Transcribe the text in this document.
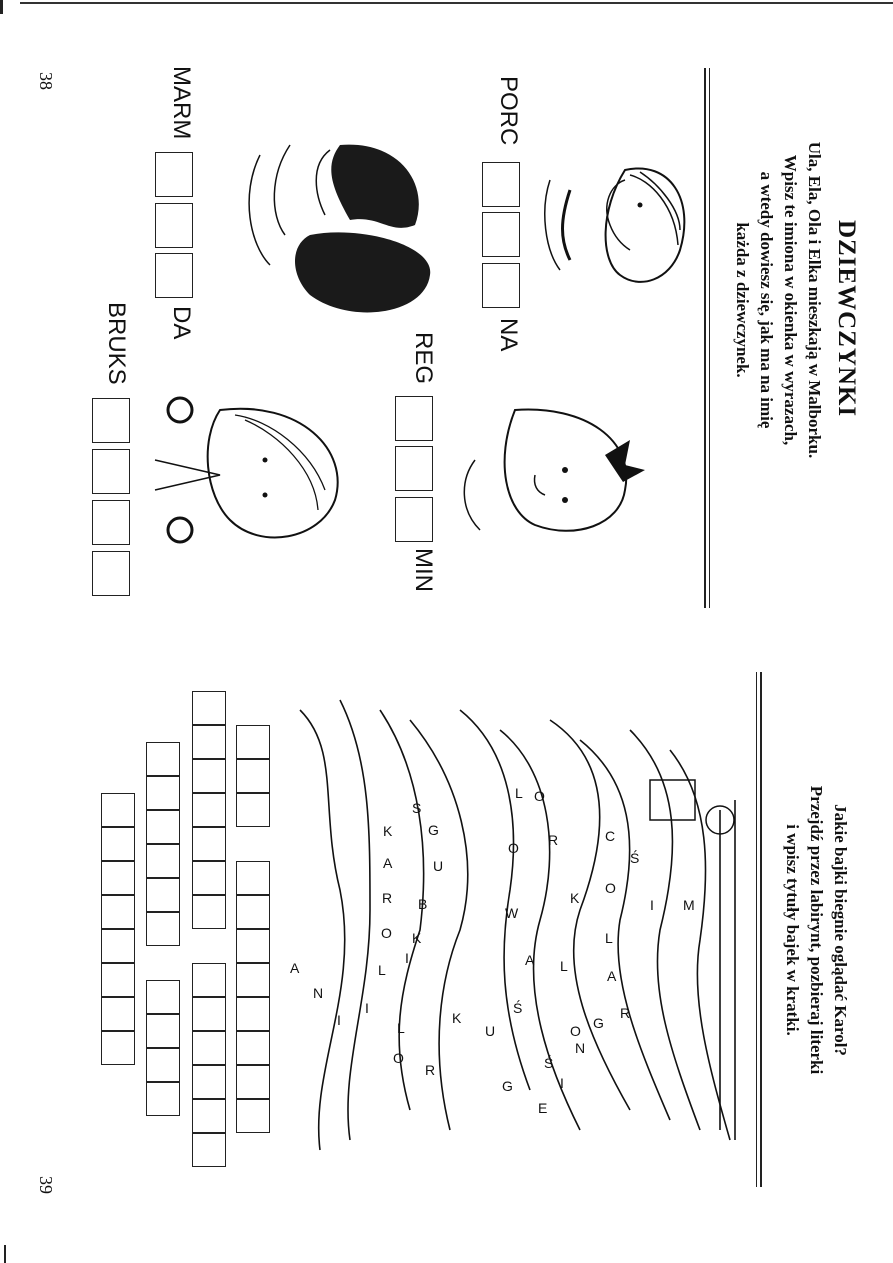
38
39
DZIEWCZYNKI
Ula, Ela, Ola i Elka mieszkają w Malborku.
Wpisz te imiona w okienka w wyrazach,
a wtedy dowiesz się, jak ma na imię
każda z dziewczynek.
PORC
NA
REG
MIN
MARM
DA
BRUKS
Jakie bajki biegnie oglądać Karol?
Przejdź przez labirynt, pozbieraj literki
i wpisz tytuły bajek w kratki.
M
I
Ś
C
O
L
A
R
G
N
I
E
O
R
K
L
O
Ś
U
G
L
O
W
A
Ś
K
S
G
U
B
K
I
L
O
R
K
A
R
O
L
I
A
N
I
